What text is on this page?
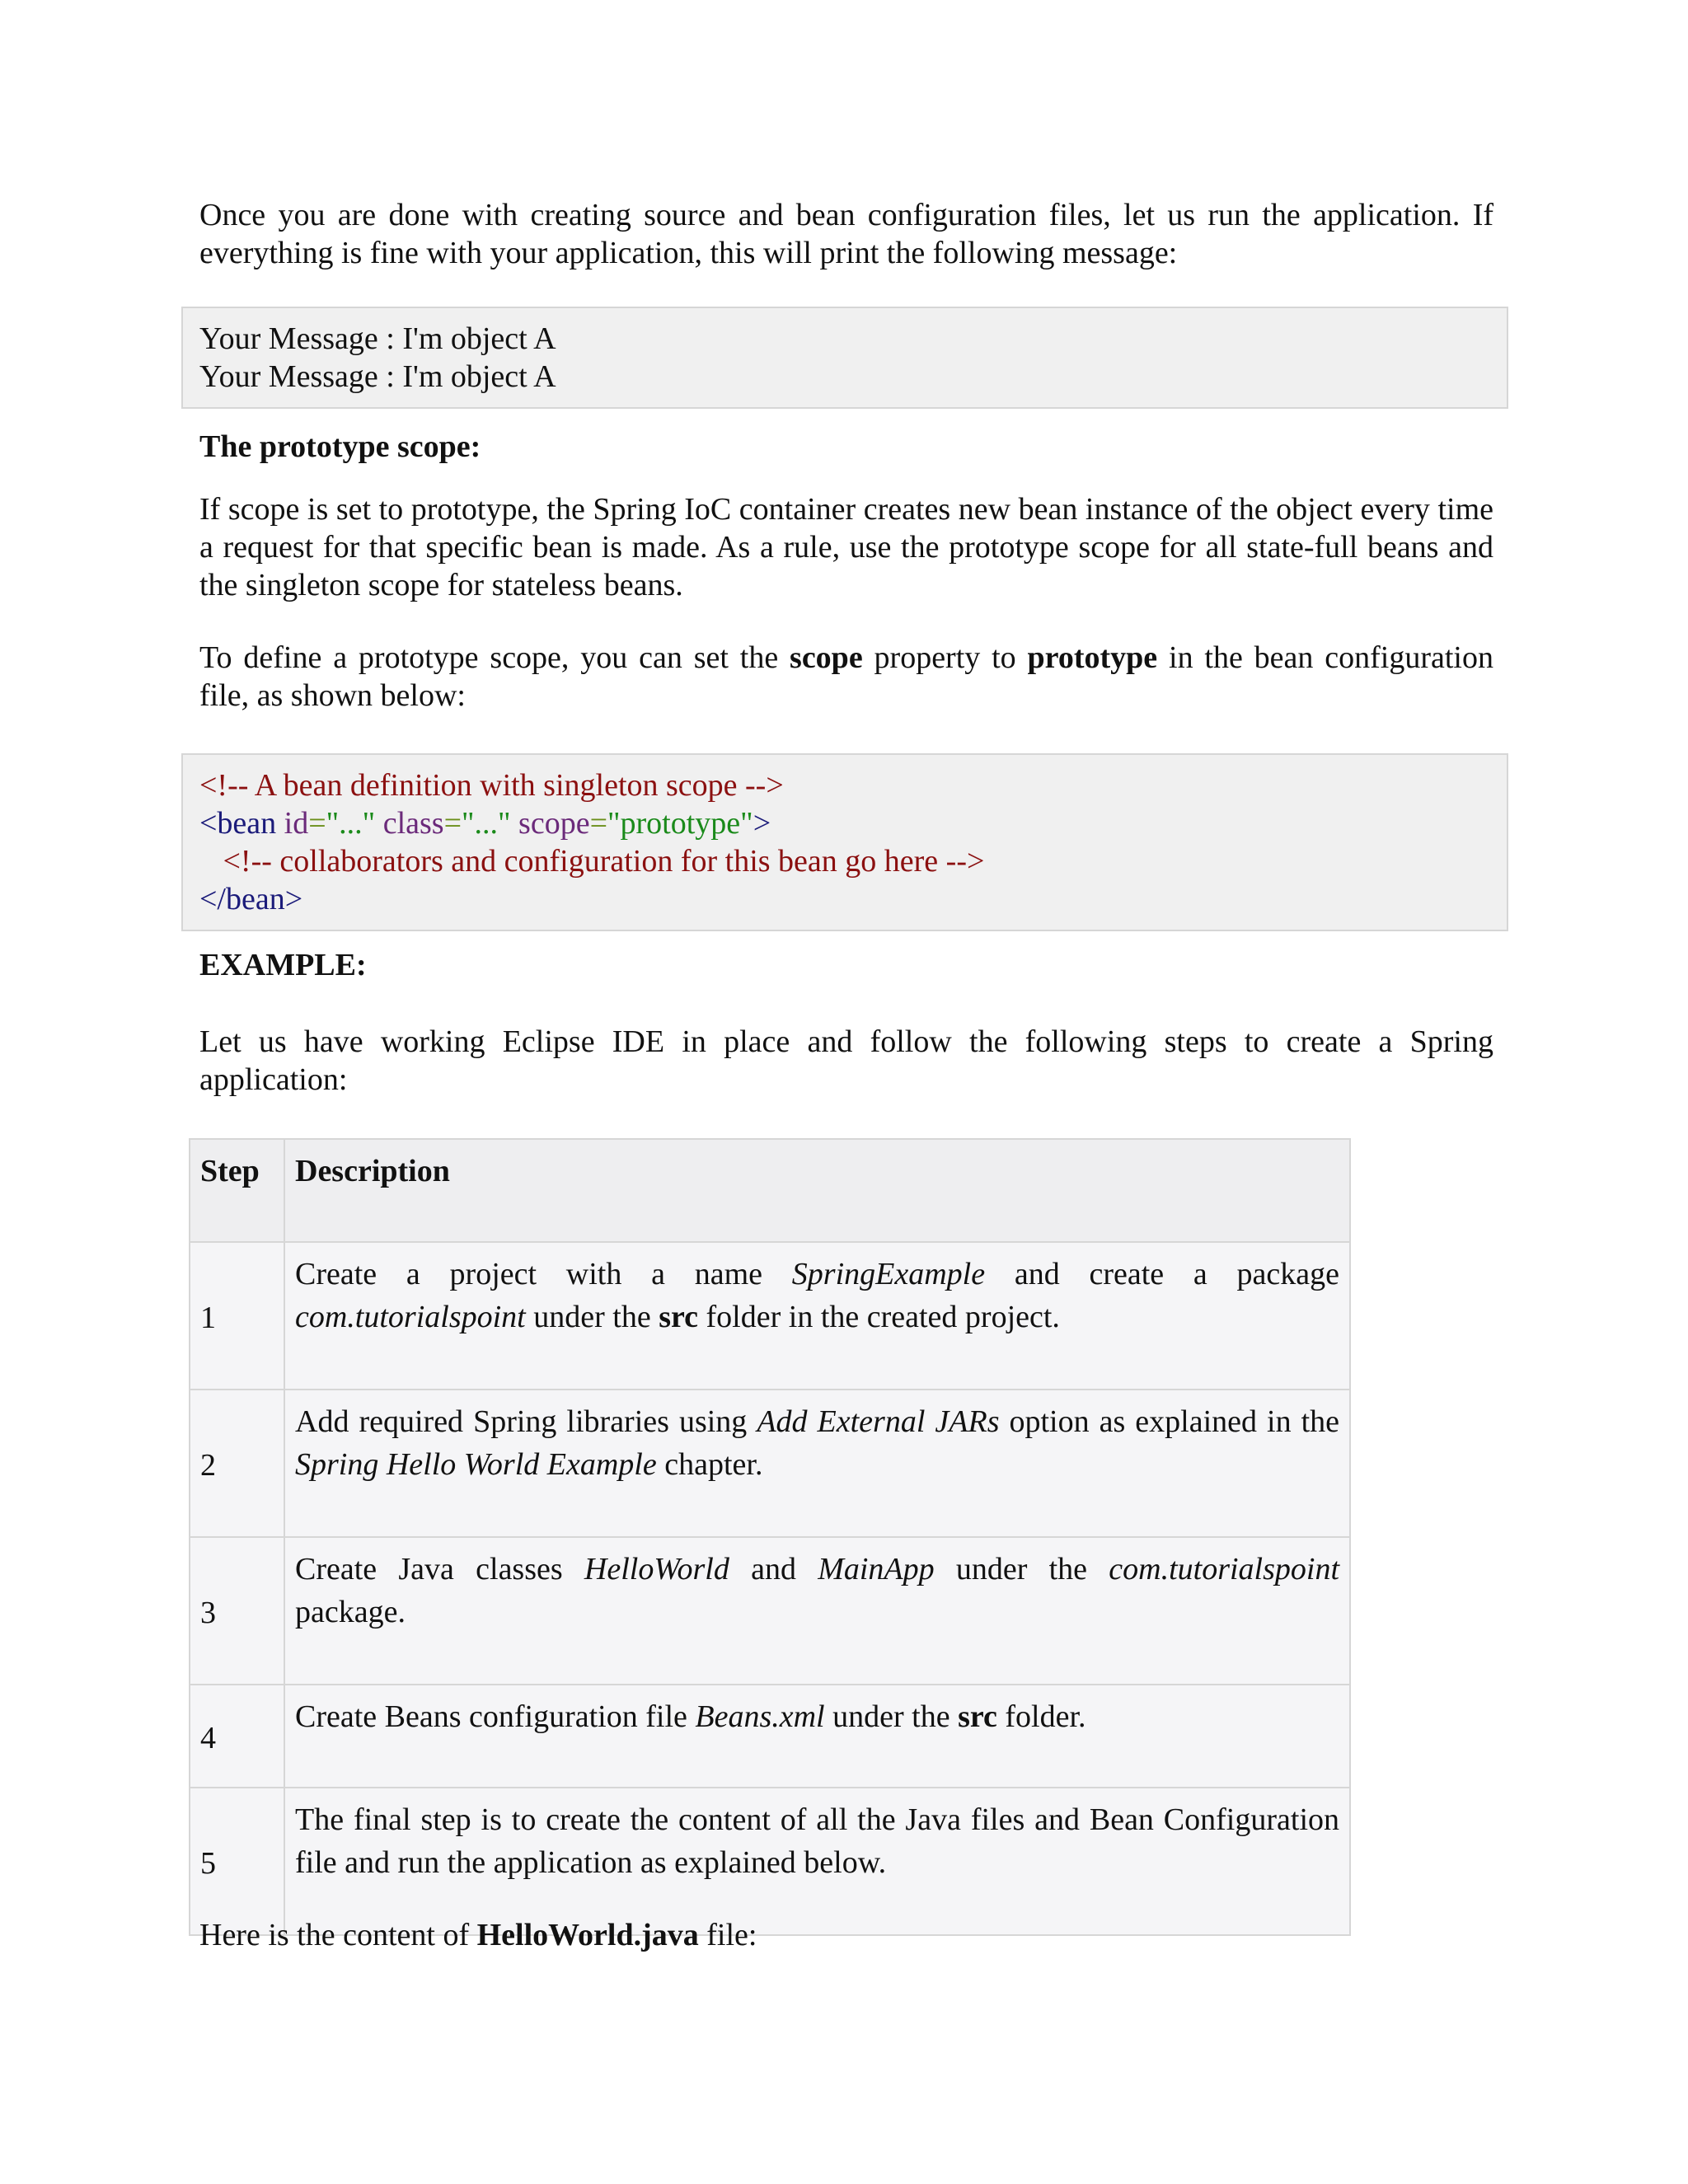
Once you are done with creating source and bean configuration files, let us run the application. If everything is fine with your application, this will print the following message:
Your Message : I'm object A
Your Message : I'm object A
The prototype scope:
If scope is set to prototype, the Spring IoC container creates new bean instance of the object every time a request for that specific bean is made. As a rule, use the prototype scope for all state-full beans and the singleton scope for stateless beans.
To define a prototype scope, you can set the scope property to prototype in the bean configuration file, as shown below:
<!-- A bean definition with singleton scope -->
<bean id="..." class="..." scope="prototype">
<!-- collaborators and configuration for this bean go here -->
</bean>
EXAMPLE:
Let us have working Eclipse IDE in place and follow the following steps to create a Spring application:
Step	Description
1	Create a project with a name SpringExample and create a package com.tutorialspoint under the src folder in the created project.
2	Add required Spring libraries using Add External JARs option as explained in the Spring Hello World Example chapter.
3	Create Java classes HelloWorld and MainApp under the com.tutorialspoint package.
4	Create Beans configuration file Beans.xml under the src folder.
5	The final step is to create the content of all the Java files and Bean Configuration file and run the application as explained below.
Here is the content of HelloWorld.java file:
